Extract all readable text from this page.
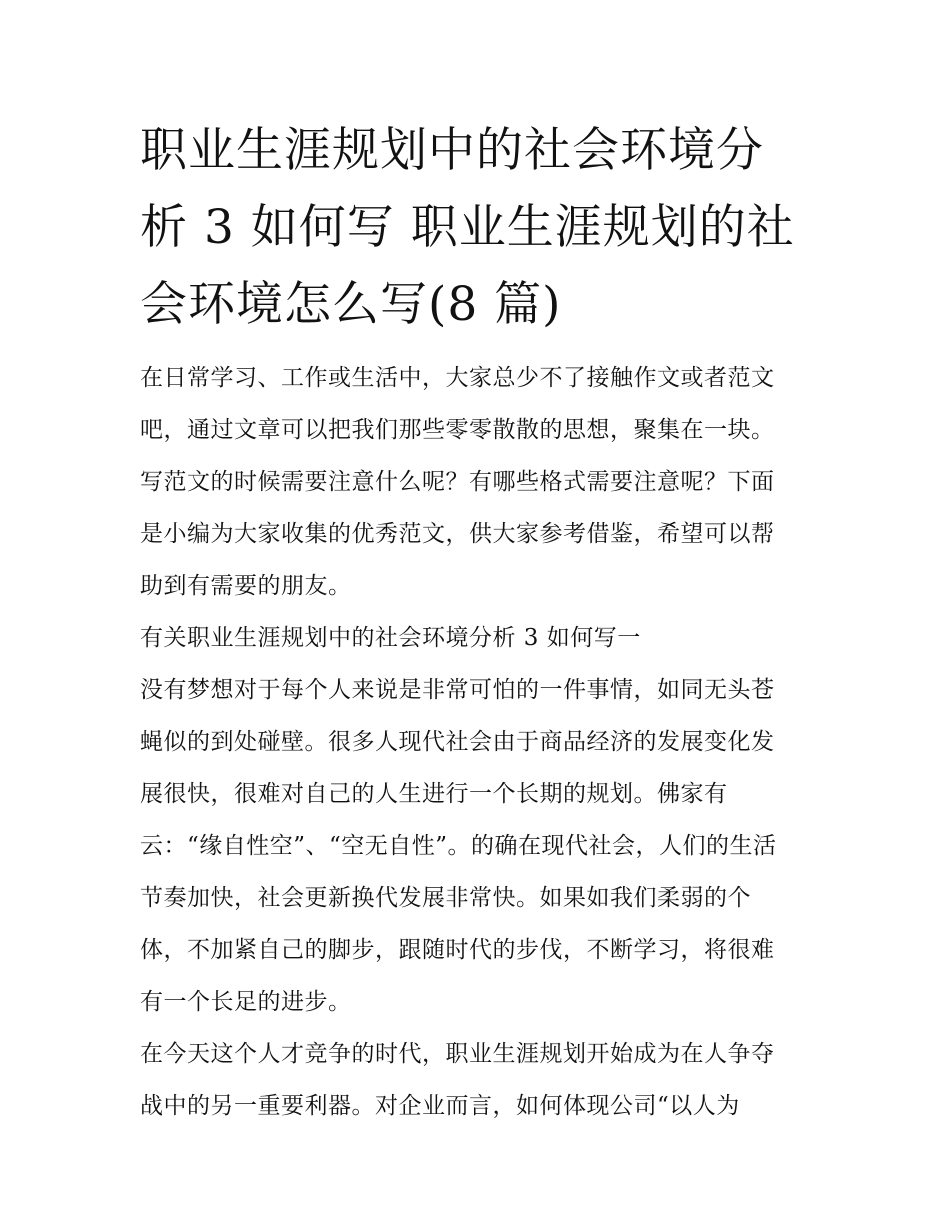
职业生涯规划中的社会环境分
析 3 如何写 职业生涯规划的社
会环境怎么写(8 篇)

在日常学习、工作或生活中，大家总少不了接触作文或者范文
吧，通过文章可以把我们那些零零散散的思想，聚集在一块。
写范文的时候需要注意什么呢？有哪些格式需要注意呢？下面
是小编为大家收集的优秀范文，供大家参考借鉴，希望可以帮
助到有需要的朋友。

有关职业生涯规划中的社会环境分析 3 如何写一

没有梦想对于每个人来说是非常可怕的一件事情，如同无头苍
蝇似的到处碰壁。很多人现代社会由于商品经济的发展变化发
展很快，很难对自己的人生进行一个长期的规划。佛家有
云：“缘自性空”、“空无自性”。的确在现代社会，人们的生活
节奏加快，社会更新换代发展非常快。如果如我们柔弱的个
体，不加紧自己的脚步，跟随时代的步伐，不断学习，将很难
有一个长足的进步。

在今天这个人才竞争的时代，职业生涯规划开始成为在人争夺
战中的另一重要利器。对企业而言，如何体现公司“以人为
